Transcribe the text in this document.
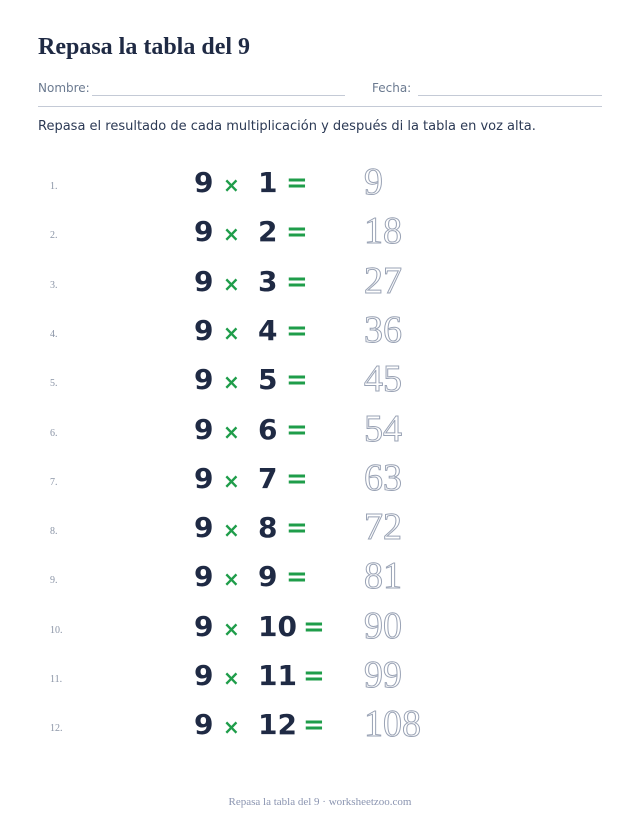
Repasa la tabla del 9
Nombre:	Fecha:

Repasa el resultado de cada multiplicación y después di la tabla en voz alta.

1.	9 × 1 = 9
2.	9 × 2 = 18
3.	9 × 3 = 27
4.	9 × 4 = 36
5.	9 × 5 = 45
6.	9 × 6 = 54
7.	9 × 7 = 63
8.	9 × 8 = 72
9.	9 × 9 = 81
10.	9 × 10 = 90
11.	9 × 11 = 99
12.	9 × 12 = 108
Repasa la tabla del 9 · worksheetzoo.com
